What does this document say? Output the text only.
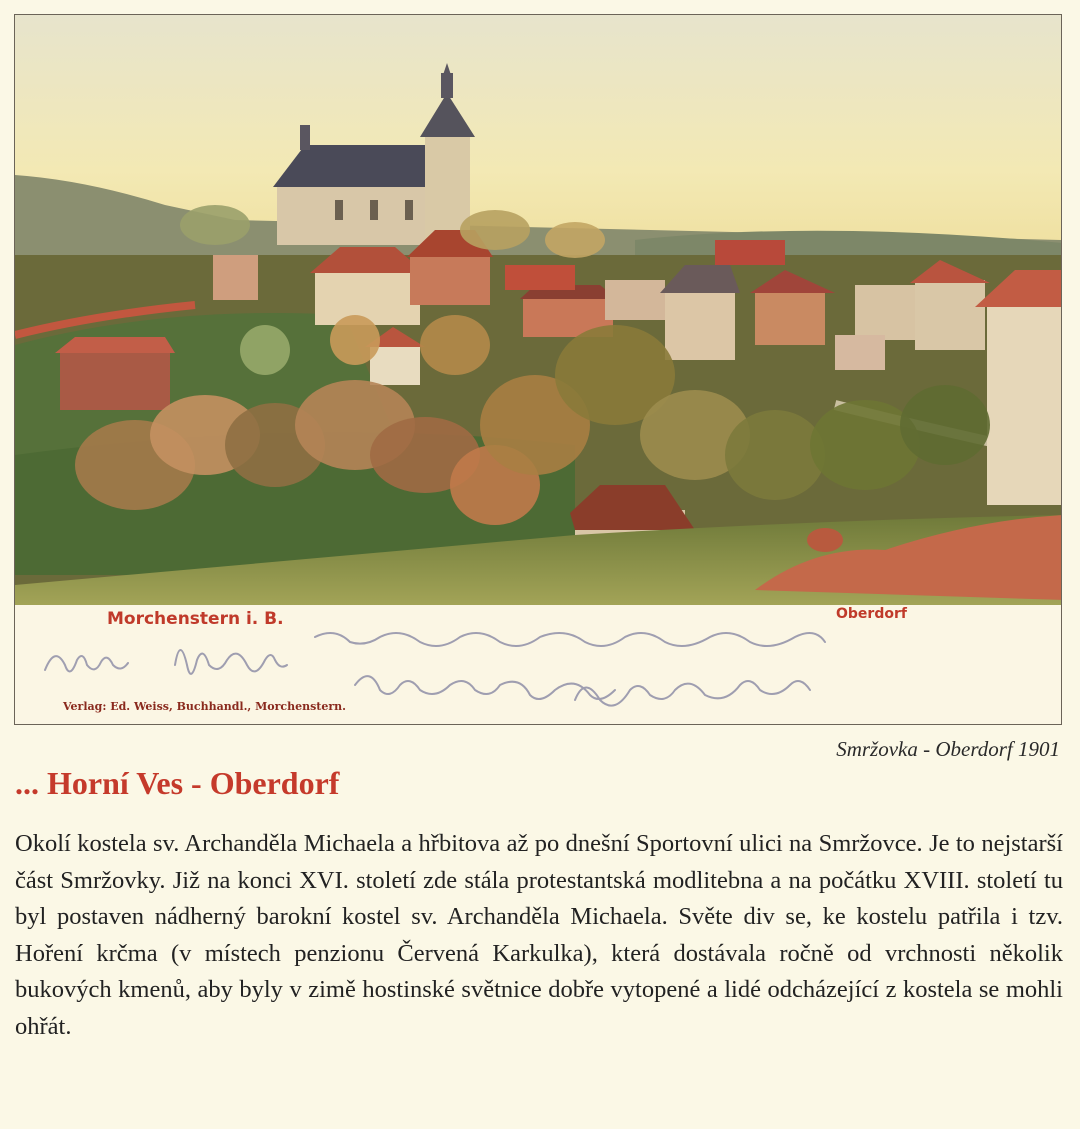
Morchenstern i. B.	Oberdorf
Verlag: Ed. Weiss, Buchhandl., Morchenstern.
Smržovka - Oberdorf 1901
... Horní Ves - Oberdorf

Okolí kostela sv. Archanděla Michaela a hřbitova až po dnešní Sportovní ulici na Smržovce. Je to nejstarší část Smržovky. Již na konci XVI. století zde stála protestantská modlitebna a na počátku XVIII. století tu byl postaven nádherný barokní kostel sv. Archanděla Michaela. Světe div se, ke kostelu patřila i tzv. Hoření krčma (v místech penzionu Červená Karkulka), která dostávala ročně od vrchnosti několik bukových kmenů, aby byly v zimě hostinské světnice dobře vytopené a lidé odcházející z kostela se mohli ohřát.
